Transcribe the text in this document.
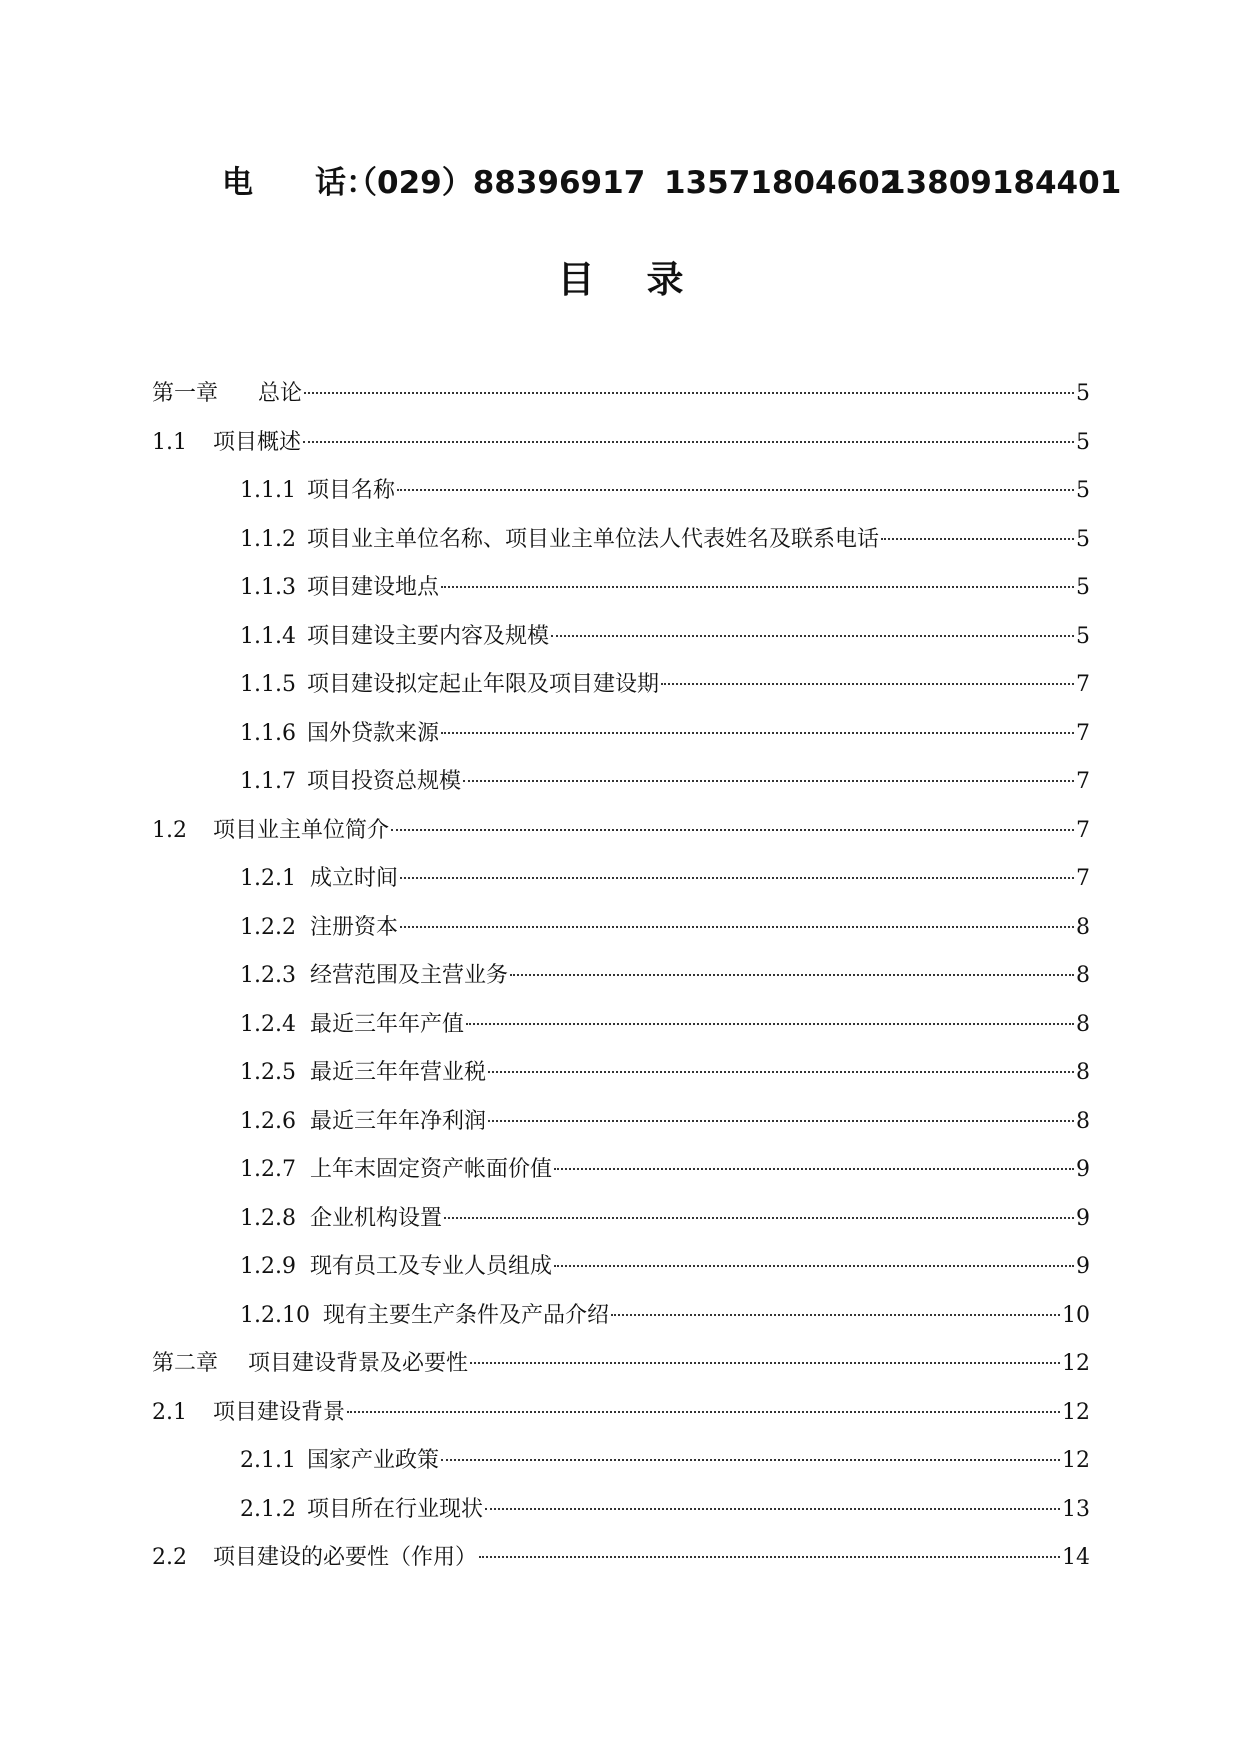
电　　话：
（029）88396917 13571804602
13809184401
目录
第一章	总论	5
1.1	项目概述	5
1.1.1 项目名称	5
1.1.2 项目业主单位名称、项目业主单位法人代表姓名及联系电话	5
1.1.3 项目建设地点	5
1.1.4 项目建设主要内容及规模	5
1.1.5 项目建设拟定起止年限及项目建设期	7
1.1.6 国外贷款来源	7
1.1.7 项目投资总规模	7
1.2	项目业主单位简介	7
1.2.1 成立时间	7
1.2.2 注册资本	8
1.2.3 经营范围及主营业务	8
1.2.4 最近三年年产值	8
1.2.5 最近三年年营业税	8
1.2.6 最近三年年净利润	8
1.2.7 上年末固定资产帐面价值	9
1.2.8 企业机构设置	9
1.2.9 现有员工及专业人员组成	9
1.2.10 现有主要生产条件及产品介绍	10
第二章	项目建设背景及必要性	12
2.1	项目建设背景	12
2.1.1 国家产业政策	12
2.1.2 项目所在行业现状	13
2.2	项目建设的必要性（作用）	14
